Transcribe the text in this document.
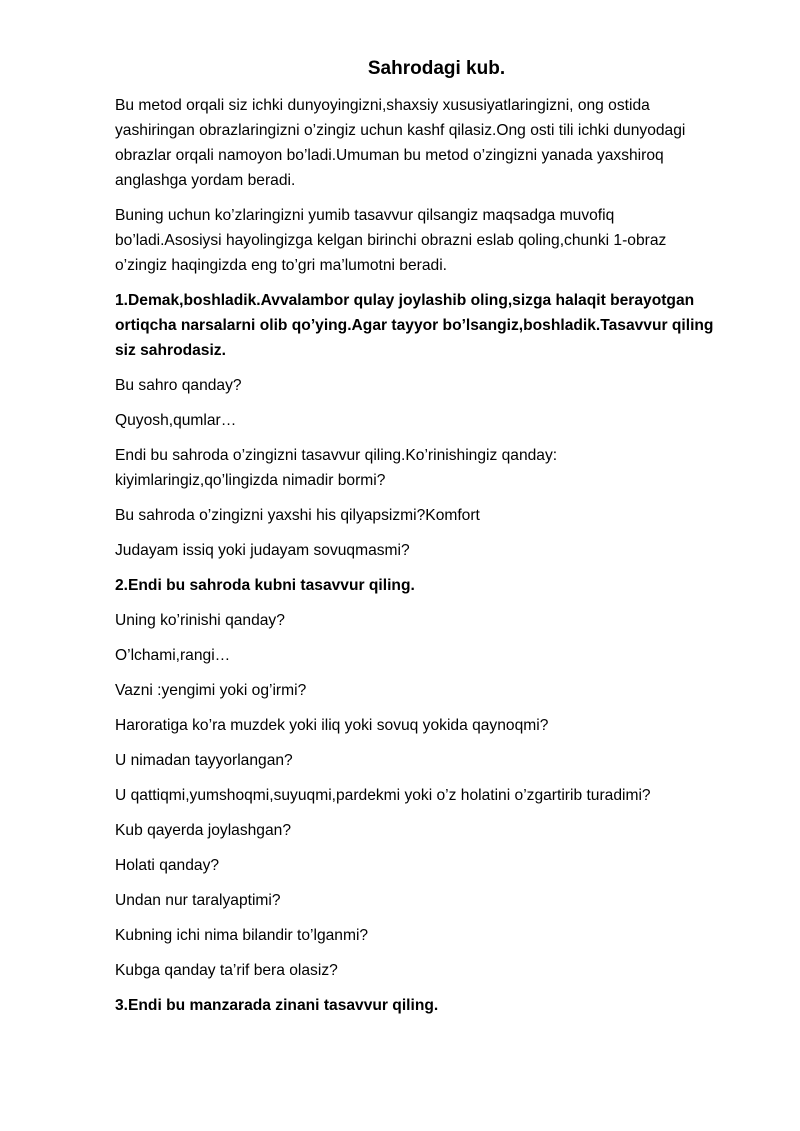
Sahrodagi kub.

Bu metod orqali siz ichki dunyoyingizni,shaxsiy xususiyatlaringizni, ong ostida
yashiringan obrazlaringizni o’zingiz uchun kashf qilasiz.Ong osti tili ichki dunyodagi
obrazlar orqali namoyon bo’ladi.Umuman bu metod o’zingizni yanada yaxshiroq
anglashga yordam beradi.

Buning uchun ko’zlaringizni yumib tasavvur qilsangiz maqsadga muvofiq
bo’ladi.Asosiysi hayolingizga kelgan birinchi obrazni eslab qoling,chunki 1-obraz
o’zingiz haqingizda eng to’gri ma’lumotni beradi.

1.Demak,boshladik.Avvalambor qulay joylashib oling,sizga halaqit berayotgan
ortiqcha narsalarni olib qo’ying.Agar tayyor bo’lsangiz,boshladik.Tasavvur qiling
siz sahrodasiz.

Bu sahro qanday?

Quyosh,qumlar…

Endi bu sahroda o’zingizni tasavvur qiling.Ko’rinishingiz qanday:
kiyimlaringiz,qo’lingizda nimadir bormi?

Bu sahroda o’zingizni yaxshi his qilyapsizmi?Komfort

Judayam issiq yoki judayam sovuqmasmi?

2.Endi bu sahroda kubni tasavvur qiling.

Uning ko’rinishi qanday?

O’lchami,rangi…

Vazni :yengimi yoki og’irmi?

Haroratiga ko’ra muzdek yoki iliq yoki sovuq yokida qaynoqmi?

U nimadan tayyorlangan?

U qattiqmi,yumshoqmi,suyuqmi,pardekmi yoki o’z holatini o’zgartirib turadimi?

Kub qayerda joylashgan?

Holati qanday?

Undan nur taralyaptimi?

Kubning ichi nima bilandir to’lganmi?

Kubga qanday ta’rif bera olasiz?

3.Endi bu manzarada zinani tasavvur qiling.
